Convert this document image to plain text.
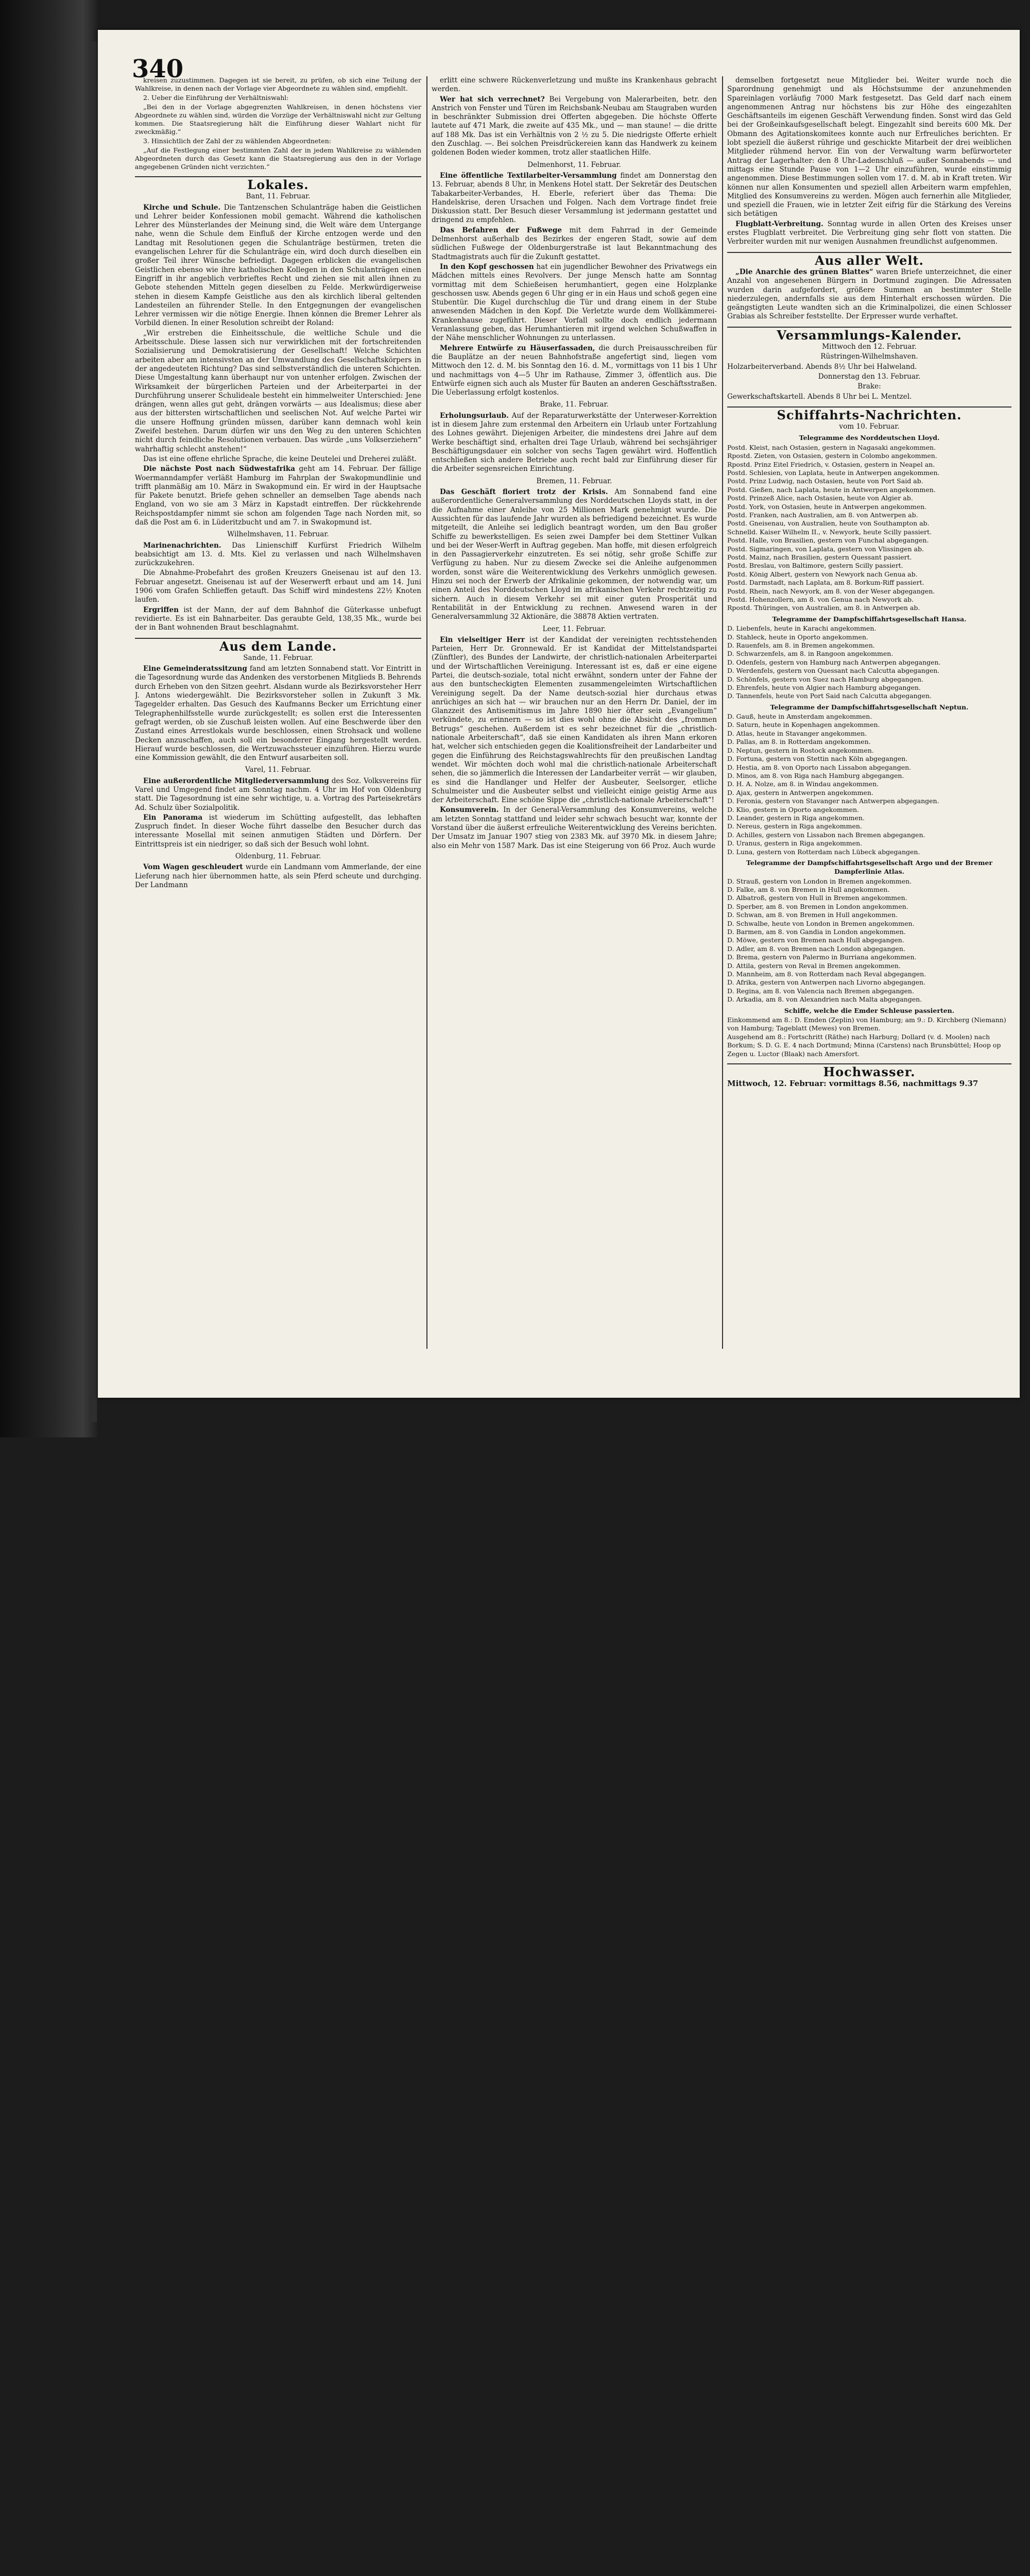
340

kreisen zuzustimmen. Dagegen ist sie bereit, zu prüfen, ob sich eine Teilung der Wahlkreise, in denen nach der Vorlage vier Abgeordnete zu wählen sind, empfiehlt.

2. Ueber die Einführung der Verhältniswahl:

„Bei den in der Vorlage abgegrenzten Wahlkreisen, in denen höchstens vier Abgeordnete zu wählen sind, würden die Vorzüge der Verhältniswahl nicht zur Geltung kommen. Die Staatsregierung hält die Einführung dieser Wahlart nicht für zweckmäßig.“

3. Hinsichtlich der Zahl der zu wählenden Abgeordneten:

„Auf die Festlegung einer bestimmten Zahl der in jedem Wahlkreise zu wählenden Abgeordneten durch das Gesetz kann die Staatsregierung aus den in der Vorlage angegebenen Gründen nicht verzichten.“

Lokales.

Bant, 11. Februar.

Kirche und Schule. Die Tantzenschen Schulanträge haben die Geistlichen und Lehrer beider Konfessionen mobil gemacht. Während die katholischen Lehrer des Münsterlandes der Meinung sind, die Welt wäre dem Untergange nahe, wenn die Schule dem Einfluß der Kirche entzogen werde und den Landtag mit Resolutionen gegen die Schulanträge bestürmen, treten die evangelischen Lehrer für die Schulanträge ein, wird doch durch dieselben ein großer Teil ihrer Wünsche befriedigt. Dagegen erblicken die evangelischen Geistlichen ebenso wie ihre katholischen Kollegen in den Schulanträgen einen Eingriff in ihr angeblich verbrieftes Recht und ziehen sie mit allen ihnen zu Gebote stehenden Mitteln gegen dieselben zu Felde. Merkwürdigerweise stehen in diesem Kampfe Geistliche aus den als kirchlich liberal geltenden Landesteilen an führender Stelle. In den Entgegnungen der evangelischen Lehrer vermissen wir die nötige Energie. Ihnen können die Bremer Lehrer als Vorbild dienen. In einer Resolution schreibt der Roland:

„Wir erstreben die Einheitsschule, die weltliche Schule und die Arbeitsschule. Diese lassen sich nur verwirklichen mit der fortschreitenden Sozialisierung und Demokratisierung der Gesellschaft! Welche Schichten arbeiten aber am intensivsten an der Umwandlung des Gesellschaftskörpers in der angedeuteten Richtung? Das sind selbstverständlich die unteren Schichten. Diese Umgestaltung kann überhaupt nur von untenher erfolgen. Zwischen der Wirksamkeit der bürgerlichen Parteien und der Arbeiterpartei in der Durchführung unserer Schulideale besteht ein himmelweiter Unterschied: Jene drängen, wenn alles gut geht, drängen vorwärts — aus Idealismus; diese aber aus der bittersten wirtschaftlichen und seelischen Not. Auf welche Partei wir die unsere Hoffnung gründen müssen, darüber kann demnach wohl kein Zweifel bestehen. Darum dürfen wir uns den Weg zu den unteren Schichten nicht durch feindliche Resolutionen verbauen. Das würde „uns Volkserziehern“ wahrhaftig schlecht anstehen!“

Das ist eine offene ehrliche Sprache, die keine Deutelei und Dreherei zuläßt.

Die nächste Post nach Südwestafrika geht am 14. Februar. Der fällige Woermanndampfer verläßt Hamburg im Fahrplan der Swakopmundlinie und trifft planmäßig am 10. März in Swakopmund ein. Er wird in der Hauptsache für Pakete benutzt. Briefe gehen schneller an demselben Tage abends nach England, von wo sie am 3 März in Kapstadt eintreffen. Der rückkehrende Reichspostdampfer nimmt sie schon am folgenden Tage nach Norden mit, so daß die Post am 6. in Lüderitzbucht und am 7. in Swakopmund ist.

Wilhelmshaven, 11. Februar.

Marinenachrichten. Das Linienschiff Kurfürst Friedrich Wilhelm beabsichtigt am 13. d. Mts. Kiel zu verlassen und nach Wilhelmshaven zurückzukehren.

Die Abnahme-Probefahrt des großen Kreuzers Gneisenau ist auf den 13. Februar angesetzt. Gneisenau ist auf der Weserwerft erbaut und am 14. Juni 1906 vom Grafen Schlieffen getauft. Das Schiff wird mindestens 22½ Knoten laufen.

Ergriffen ist der Mann, der auf dem Bahnhof die Güterkasse unbefugt revidierte. Es ist ein Bahnarbeiter. Das geraubte Geld, 138,35 Mk., wurde bei der in Bant wohnenden Braut beschlagnahmt.

Aus dem Lande.

Sande, 11. Februar.

Eine Gemeinderatssitzung fand am letzten Sonnabend statt. Vor Eintritt in die Tagesordnung wurde das Andenken des verstorbenen Mitglieds B. Behrends durch Erheben von den Sitzen geehrt. Alsdann wurde als Bezirksvorsteher Herr J. Antons wiedergewählt. Die Bezirksvorsteher sollen in Zukunft 3 Mk. Tagegelder erhalten. Das Gesuch des Kaufmanns Becker um Errichtung einer Telegraphenhilfsstelle wurde zurückgestellt; es sollen erst die Interessenten gefragt werden, ob sie Zuschuß leisten wollen. Auf eine Beschwerde über den Zustand eines Arrestlokals wurde beschlossen, einen Strohsack und wollene Decken anzuschaffen, auch soll ein besonderer Eingang hergestellt werden. Hierauf wurde beschlossen, die Wertzuwachssteuer einzuführen. Hierzu wurde eine Kommission gewählt, die den Entwurf ausarbeiten soll.

Varel, 11. Februar.

Eine außerordentliche Mitgliederversammlung des Soz. Volksvereins für Varel und Umgegend findet am Sonntag nachm. 4 Uhr im Hof von Oldenburg statt. Die Tagesordnung ist eine sehr wichtige, u. a. Vortrag des Parteisekretärs Ad. Schulz über Sozialpolitik.

Ein Panorama ist wiederum im Schütting aufgestellt, das lebhaften Zuspruch findet. In dieser Woche führt dasselbe den Besucher durch das interessante Mosellal mit seinen anmutigen Städten und Dörfern. Der Eintrittspreis ist ein niedriger, so daß sich der Besuch wohl lohnt.

Oldenburg, 11. Februar.

Vom Wagen geschleudert wurde ein Landmann vom Ammerlande, der eine Lieferung nach hier übernommen hatte, als sein Pferd scheute und durchging. Der Landmann

erlitt eine schwere Rückenverletzung und mußte ins Krankenhaus gebracht werden.

Wer hat sich verrechnet? Bei Vergebung von Malerarbeiten, betr. den Anstrich von Fenster und Türen im Reichsbank-Neubau am Staugraben wurden in beschränkter Submission drei Offerten abgegeben. Die höchste Offerte lautete auf 471 Mark, die zweite auf 435 Mk., und — man staune! — die dritte auf 188 Mk. Das ist ein Verhältnis von 2 ½ zu 5. Die niedrigste Offerte erhielt den Zuschlag. —. Bei solchen Preisdrückereien kann das Handwerk zu keinem goldenen Boden wieder kommen, trotz aller staatlichen Hilfe.

Delmenhorst, 11. Februar.

Eine öffentliche Textilarbeiter-Versammlung findet am Donnerstag den 13. Februar, abends 8 Uhr, in Menkens Hotel statt. Der Sekretär des Deutschen Tabakarbeiter-Verbandes, H. Eberle, referiert über das Thema: Die Handelskrise, deren Ursachen und Folgen. Nach dem Vortrage findet freie Diskussion statt. Der Besuch dieser Versammlung ist jedermann gestattet und dringend zu empfehlen.

Das Befahren der Fußwege mit dem Fahrrad in der Gemeinde Delmenhorst außerhalb des Bezirkes der engeren Stadt, sowie auf dem südlichen Fußwege der Oldenburgerstraße ist laut Bekanntmachung des Stadtmagistrats auch für die Zukunft gestattet.

In den Kopf geschossen hat ein jugendlicher Bewohner des Privatwegs ein Mädchen mittels eines Revolvers. Der junge Mensch hatte am Sonntag vormittag mit dem Schießeisen herumhantiert, gegen eine Holzplanke geschossen usw. Abends gegen 6 Uhr ging er in ein Haus und schoß gegen eine Stubentür. Die Kugel durchschlug die Tür und drang einem in der Stube anwesenden Mädchen in den Kopf. Die Verletzte wurde dem Wollkämmerei-Krankenhause zugeführt. Dieser Vorfall sollte doch endlich jedermann Veranlassung geben, das Herumhantieren mit irgend welchen Schußwaffen in der Nähe menschlicher Wohnungen zu unterlassen.

Mehrere Entwürfe zu Häuserfassaden, die durch Preisausschreiben für die Bauplätze an der neuen Bahnhofstraße angefertigt sind, liegen vom Mittwoch den 12. d. M. bis Sonntag den 16. d. M., vormittags von 11 bis 1 Uhr und nachmittags von 4—5 Uhr im Rathause, Zimmer 3, öffentlich aus. Die Entwürfe eignen sich auch als Muster für Bauten an anderen Geschäftsstraßen. Die Ueberlassung erfolgt kostenlos.

Brake, 11. Februar.

Erholungsurlaub. Auf der Reparaturwerkstätte der Unterweser-Korrektion ist in diesem Jahre zum erstenmal den Arbeitern ein Urlaub unter Fortzahlung des Lohnes gewährt. Diejenigen Arbeiter, die mindestens drei Jahre auf dem Werke beschäftigt sind, erhalten drei Tage Urlaub, während bei sechsjähriger Beschäftigungsdauer ein solcher von sechs Tagen gewährt wird. Hoffentlich entschließen sich andere Betriebe auch recht bald zur Einführung dieser für die Arbeiter segensreichen Einrichtung.

Bremen, 11. Februar.

Das Geschäft floriert trotz der Krisis. Am Sonnabend fand eine außerordentliche Generalversammlung des Norddeutschen Lloyds statt, in der die Aufnahme einer Anleihe von 25 Millionen Mark genehmigt wurde. Die Aussichten für das laufende Jahr wurden als befriedigend bezeichnet. Es wurde mitgeteilt, die Anleihe sei lediglich beantragt worden, um den Bau großer Schiffe zu bewerkstelligen. Es seien zwei Dampfer bei dem Stettiner Vulkan und bei der Weser-Werft in Auftrag gegeben. Man hoffe, mit diesen erfolgreich in den Passagierverkehr einzutreten. Es sei nötig, sehr große Schiffe zur Verfügung zu haben. Nur zu diesem Zwecke sei die Anleihe aufgenommen worden, sonst wäre die Weiterentwicklung des Verkehrs unmöglich gewesen. Hinzu sei noch der Erwerb der Afrikalinie gekommen, der notwendig war, um einen Anteil des Norddeutschen Lloyd im afrikanischen Verkehr rechtzeitig zu sichern. Auch in diesem Verkehr sei mit einer guten Prosperität und Rentabilität in der Entwicklung zu rechnen. Anwesend waren in der Generalversammlung 32 Aktionäre, die 38878 Aktien vertraten.

Leer, 11. Februar.

Ein vielseitiger Herr ist der Kandidat der vereinigten rechtsstehenden Parteien, Herr Dr. Gronnewald. Er ist Kandidat der Mittelstandspartei (Zünftler), des Bundes der Landwirte, der christlich-nationalen Arbeiterpartei und der Wirtschaftlichen Vereinigung. Interessant ist es, daß er eine eigene Partei, die deutsch-soziale, total nicht erwähnt, sondern unter der Fahne der aus den buntscheckigten Elementen zusammengeleimten Wirtschaftlichen Vereinigung segelt. Da der Name deutsch-sozial hier durchaus etwas anrüchiges an sich hat — wir brauchen nur an den Herrn Dr. Daniel, der im Glanzzeit des Antisemitismus im Jahre 1890 hier öfter sein „Evangelium“ verkündete, zu erinnern — so ist dies wohl ohne die Absicht des „frommen Betrugs“ geschehen. Außerdem ist es sehr bezeichnet für die „christlich-nationale Arbeiterschaft“, daß sie einen Kandidaten als ihren Mann erkoren hat, welcher sich entschieden gegen die Koalitionsfreiheit der Landarbeiter und gegen die Einführung des Reichstagswahlrechts für den preußischen Landtag wendet. Wir möchten doch wohl mal die christlich-nationale Arbeiterschaft sehen, die so jämmerlich die Interessen der Landarbeiter verrät — wir glauben, es sind die Handlanger und Helfer der Ausbeuter, Seelsorger, etliche Schulmeister und die Ausbeuter selbst und vielleicht einige geistig Arme aus der Arbeiterschaft. Eine schöne Sippe die „christlich-nationale Arbeiterschaft“!

Konsumverein. In der General-Versammlung des Konsumvereins, welche am letzten Sonntag stattfand und leider sehr schwach besucht war, konnte der Vorstand über die äußerst erfreuliche Weiterentwicklung des Vereins berichten. Der Umsatz im Januar 1907 stieg von 2383 Mk. auf 3970 Mk. in diesem Jahre; also ein Mehr von 1587 Mark. Das ist eine Steigerung von 66 Proz. Auch wurde

demselben fortgesetzt neue Mitglieder bei. Weiter wurde noch die Sparordnung genehmigt und als Höchstsumme der anzunehmenden Spareinlagen vorläufig 7000 Mark festgesetzt. Das Geld darf nach einem angenommenen Antrag nur höchstens bis zur Höhe des eingezahlten Geschäftsanteils im eigenen Geschäft Verwendung finden. Sonst wird das Geld bei der Großeinkaufsgesellschaft belegt. Eingezahlt sind bereits 600 Mk. Der Obmann des Agitationskomitees konnte auch nur Erfreuliches berichten. Er lobt speziell die äußerst rührige und geschickte Mitarbeit der drei weiblichen Mitglieder rühmend hervor. Ein von der Verwaltung warm befürworteter Antrag der Lagerhalter: den 8 Uhr-Ladenschluß — außer Sonnabends — und mittags eine Stunde Pause von 1—2 Uhr einzuführen, wurde einstimmig angenommen. Diese Bestimmungen sollen vom 17. d. M. ab in Kraft treten. Wir können nur allen Konsumenten und speziell allen Arbeitern warm empfehlen, Mitglied des Konsumvereins zu werden. Mögen auch fernerhin alle Mitglieder, und speziell die Frauen, wie in letzter Zeit eifrig für die Stärkung des Vereins sich betätigen

Flugblatt-Verbreitung. Sonntag wurde in allen Orten des Kreises unser erstes Flugblatt verbreitet. Die Verbreitung ging sehr flott von statten. Die Verbreiter wurden mit nur wenigen Ausnahmen freundlichst aufgenommen.

Aus aller Welt.

„Die Anarchie des grünen Blattes“ waren Briefe unterzeichnet, die einer Anzahl von angesehenen Bürgern in Dortmund zugingen. Die Adressaten wurden darin aufgefordert, größere Summen an bestimmter Stelle niederzulegen, andernfalls sie aus dem Hinterhalt erschossen würden. Die geängstigten Leute wandten sich an die Kriminalpolizei, die einen Schlosser Grabias als Schreiber feststellte. Der Erpresser wurde verhaftet.

Versammlungs-Kalender.

Mittwoch den 12. Februar.

Rüstringen-Wilhelmshaven.

Holzarbeiterverband. Abends 8½ Uhr bei Halweland.

Donnerstag den 13. Februar.

Brake:

Gewerkschaftskartell. Abends 8 Uhr bei L. Mentzel.

Schiffahrts-Nachrichten.

vom 10. Februar.

Telegramme des Norddeutschen Lloyd.

Postd. Kleist, nach Ostasien, gestern in Nagasaki angekommen.

Rpostd. Zieten, von Ostasien, gestern in Colombo angekommen.

Rpostd. Prinz Eitel Friedrich, v. Ostasien, gestern in Neapel an.

Postd. Schlesien, von Laplata, heute in Antwerpen angekommen.

Postd. Prinz Ludwig, nach Ostasien, heute von Port Said ab.

Postd. Gießen, nach Laplata, heute in Antwerpen angekommen.

Postd. Prinzeß Alice, nach Ostasien, heute von Algier ab.

Postd. York, von Ostasien, heute in Antwerpen angekommen.

Postd. Franken, nach Australien, am 8. von Antwerpen ab.

Postd. Gneisenau, von Australien, heute von Southampton ab.

Schnelld. Kaiser Wilhelm II., v. Newyork, heute Scilly passiert.

Postd. Halle, von Brasilien, gestern von Funchal abgegangen.

Postd. Sigmaringen, von Laplata, gestern von Vlissingen ab.

Postd. Mainz, nach Brasilien, gestern Quessant passiert.

Postd. Breslau, von Baltimore, gestern Scilly passiert.

Postd. König Albert, gestern von Newyork nach Genua ab.

Postd. Darmstadt, nach Laplata, am 8. Borkum-Riff passiert.

Postd. Rhein, nach Newyork, am 8. von der Weser abgegangen.

Postd. Hohenzollern, am 8. von Genua nach Newyork ab.

Rpostd. Thüringen, von Australien, am 8. in Antwerpen ab.

Telegramme der Dampfschiffahrtsgesellschaft Hansa.

D. Liebenfels, heute in Karachi angekommen.

D. Stahleck, heute in Oporto angekommen.

D. Rauenfels, am 8. in Bremen angekommen.

D. Schwarzenfels, am 8. in Rangoon angekommen.

D. Odenfels, gestern von Hamburg nach Antwerpen abgegangen.

D. Werdenfels, gestern von Quessant nach Calcutta abgegangen.

D. Schönfels, gestern von Suez nach Hamburg abgegangen.

D. Ehrenfels, heute von Algier nach Hamburg abgegangen.

D. Tannenfels, heute von Port Said nach Calcutta abgegangen.

Telegramme der Dampfschiffahrtsgesellschaft Neptun.

D. Gauß, heute in Amsterdam angekommen.

D. Saturn, heute in Kopenhagen angekommen.

D. Atlas, heute in Stavanger angekommen.

D. Pallas, am 8. in Rotterdam angekommen.

D. Neptun, gestern in Rostock angekommen.

D. Fortuna, gestern von Stettin nach Köln abgegangen.

D. Hestia, am 8. von Oporto nach Lissabon abgegangen.

D. Minos, am 8. von Riga nach Hamburg abgegangen.

D. H. A. Nolze, am 8. in Windau angekommen.

D. Ajax, gestern in Antwerpen angekommen.

D. Feronia, gestern von Stavanger nach Antwerpen abgegangen.

D. Klio, gestern in Oporto angekommen.

D. Leander, gestern in Riga angekommen.

D. Nereus, gestern in Riga angekommen.

D. Achilles, gestern von Lissabon nach Bremen abgegangen.

D. Uranus, gestern in Riga angekommen.

D. Luna, gestern von Rotterdam nach Lübeck abgegangen.

Telegramme der Dampfschiffahrtsgesellschaft Argo und der Bremer Dampferlinie Atlas.

D. Strauß, gestern von London in Bremen angekommen.

D. Falke, am 8. von Bremen in Hull angekommen.

D. Albatroß, gestern von Hull in Bremen angekommen.

D. Sperber, am 8. von Bremen in London angekommen.

D. Schwan, am 8. von Bremen in Hull angekommen.

D. Schwalbe, heute von London in Bremen angekommen.

D. Barmen, am 8. von Gandia in London angekommen.

D. Möwe, gestern von Bremen nach Hull abgegangen.

D. Adler, am 8. von Bremen nach London abgegangen.

D. Brema, gestern von Palermo in Burriana angekommen.

D. Attila, gestern von Reval in Bremen angekommen.

D. Mannheim, am 8. von Rotterdam nach Reval abgegangen.

D. Afrika, gestern von Antwerpen nach Livorno abgegangen.

D. Regina, am 8. von Valencia nach Bremen abgegangen.

D. Arkadia, am 8. von Alexandrien nach Malta abgegangen.

Schiffe, welche die Emder Schleuse passierten.

Einkommend am 8.: D. Emden (Zeplin) von Hamburg; am 9.: D. Kirchberg (Niemann) von Hamburg; Tageblatt (Mewes) von Bremen.

Ausgehend am 8.: Fortschritt (Räthe) nach Harburg; Dollard (v. d. Moolen) nach Borkum; S. D. G. E. 4 nach Dortmund; Minna (Carstens) nach Brunsbüttel; Hoop op Zegen u. Luctor (Blaak) nach Amersfort.

Hochwasser.

Mittwoch, 12. Februar: vormittags 8.56, nachmittags 9.37
